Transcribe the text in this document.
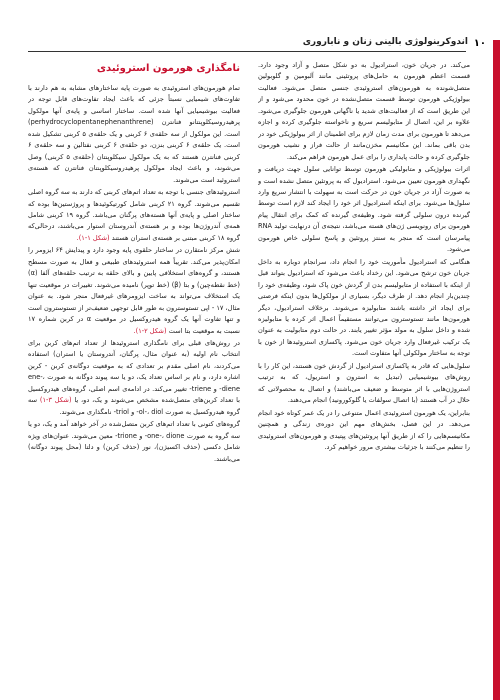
١٠
اندوکرینولوژی بالینی زنان و ناباروری

می‌کند. در جریان خون، استرادیول به دو شکل متصل و آزاد وجود دارد. قسمت اعظم هورمون به حامل‌های پروتئینی مانند آلبومین و گلوبولین متصل‌شونده به هورمون‌های استروئیدی جنسی متصل می‌شود. فعالیت بیولوژیکی هورمون توسط قسمت متصل‌نشده در خون محدود می‌شود و از این طریق است که از فعالیت‌های شدید یا ناگهانی هورمون جلوگیری می‌شود. علاوه بر این، اتصال از متابولیسم سریع و ناخواسته جلوگیری کرده و اجازه می‌دهد تا هورمون برای مدت زمان لازم برای اطمینان از اثر بیولوژیکی خود در بدن باقی بماند. این مکانیسم مخزن‌مانند از حالت فراز و نشیب هورمون جلوگیری کرده و حالت پایداری را برای عمل هورمون فراهم می‌کند.

اثرات بیولوژیکی و متابولیکی هورمون توسط توانایی سلول جهت دریافت و نگهداری هورمون تعیین می‌شود. استرادیول که به پروتئین متصل نشده است و به صورت آزاد در جریان خون در حرکت است به سهولت با انتشار سریع وارد سلول‌ها می‌شود. برای اینکه استرادیول اثر خود را ایجاد کند لازم است توسط گیرنده درون سلولی گرفته شود. وظیفه‌ی گیرنده که کمک برای انتقال پیام هورمون برای رونویسی ژن‌های هسته می‌باشد، نتیجه‌ی آن درنهایت تولید RNA پیامرسان است که منجر به سنتز پروتئین و پاسخ سلولی خاص هورمون می‌شود.

هنگامی که استرادیول مأموریت خود را انجام داد، سرانجام دوباره به داخل جریان خون ترشح می‌شود. این رخداد باعث می‌شود که استرادیول بتواند قبل از اینکه با استفاده از متابولیسم بدن از گردش خون پاک شود، وظیفه‌ی خود را چندین‌بار انجام دهد. از طرف دیگر، بسیاری از مولکول‌ها بدون اینکه فرصتی برای ایجاد اثر داشته باشند متابولیزه می‌شوند. برخلاف استرادیول، دیگر هورمون‌ها مانند تستوسترون می‌توانند مستقیماً اعمال اثر کرده یا متابولیزه شده و داخل سلول به مولد مؤثر تغییر یابند. در حالت دوم متابولیت به عنوان یک ترکیب غیرفعال وارد جریان خون می‌شود. پاکسازی استروئیدها از خون با توجه به ساختار مولکولی آنها متفاوت است.

سلول‌هایی که قادر به پاکسازی استرادیول از گردش خون هستند، این کار را با روش‌های بیوشیمیایی (تبدیل به استرون و استریول، که به ترتیب استروژن‌هایی با اثر متوسط و ضعیف می‌باشند) و اتصال به محصولاتی که حلال در آب هستند (با اتصال سولفات یا گلوکورونید) انجام می‌دهند.

بنابراین، یک هورمون استروئیدی اعمال متنوعی را در یک عمر کوتاه خود انجام می‌دهد. در این فصل، بخش‌های مهم این دوره‌ی زندگی و همچنین مکانیسم‌هایی را که از طریق آنها پروتئین‌های پپتیدی و هورمون‌های استروئیدی را تنظیم می‌کنند با جزئیات بیشتری مرور خواهیم کرد.

نامگذاری هورمون استروئیدی

تمام هورمون‌های استروئیدی به صورت پایه ساختارهای مشابه به هم دارند با تفاوت‌های شیمیایی نسبتاً جزئی که باعث ایجاد تفاوت‌های قابل توجه در فعالیت بیوشیمیایی آنها شده است. ساختار اساسی و پایه‌ی آنها مولکول پرهیدروسیکلوپنتانو فنانترن (perhydrocyclopentanephenanthrene) است. این مولکول از سه حلقه‌ی ۶ کربنی و یک حلقه‌ی ۵ کربنی تشکیل شده است. یک حلقه‌ی ۶ کربنی بنزن، دو حلقه‌ی ۶ کربنی نفتالین و سه حلقه‌ی ۶ کربنی فنانترن هستند که به یک مولکول سیکلوپنتان (حلقه‌ی ۵ کربنی) وصل می‌شوند، و باعث ایجاد مولکول پرهیدروسیکلوپنتان فنانترن که هسته‌ی استروئید است می‌شوند.

استروئیدهای جنسی با توجه به تعداد اتم‌های کربنی که دارند به سه گروه اصلی تقسیم می‌شوند. گروه ۲۱ کربنی شامل کورتیکوئیدها و پروژستین‌ها بوده که ساختار اصلی و پایه‌ی آنها هسته‌های پرگنان می‌باشد. گروه ۱۹ کربنی شامل همه‌ی آندروژن‌ها بوده و بر هسته‌ی آندروستان استوار می‌باشند، درحالی‌که گروه ۱۸ کربنی مبتنی بر هسته‌ی استران هستند (شکل ۱-۱).

شش مرکز نامتقارن در ساختار حلقوی پایه وجود دارد و پیدایش ۶۴ ایزومر را امکان‌پذیر می‌کند. تقریباً همه استروئیدهای طبیعی و فعال به صورت مسطح هستند، و گروه‌های استخلافی پایین و بالای حلقه به ترتیب حلقه‌های آلفا (α) (خط نقطه‌چین) و بتا (β) (خط توپر) نامیده می‌شوند. تغییرات در موقعیت تنها یک استخلاف می‌تواند به ساخت ایزومرهای غیرفعال منجر شود. به عنوان مثال، ۱۷ - اپی تستوسترون به طور قابل توجهی ضعیف‌تر از تستوسترون است و تنها تفاوت آنها یک گروه هیدروکسیل در موقعیت α در کربن شماره ۱۷ نسبت به موقعیت بتا است (شکل ۲-۱).

در روش‌های قبلی برای نامگذاری استروئیدها از تعداد اتم‌های کربن برای انتخاب نام اولیه (به عنوان مثال، پرگنان، آندروستان یا استران) استفاده می‌کردند، نام اصلی مقدم بر تعدادی که به موقعیت دوگانه‌ی کربن - کربن اشاره دارد، و نام بر اساس تعداد یک، دو یا سه پیوند دوگانه به صورت ene-، diene- و triene- تغییر می‌کند. در ادامه‌ی اسم اصلی، گروه‌های هیدروکسیل با تعداد کربن‌های متصل‌شده مشخص می‌شوند و یک، دو، یا (شکل ۳-۱) سه گروه هیدروکسیل به صورت ol-، diol- و triol- نامگذاری می‌شوند.

گروه‌های کتونی با تعداد اتم‌های کربن متصل‌شده در آخر خواهد آمد و یک، دو یا سه گروه به صورت one-، dione- و trione- معین می‌شوند. عنوان‌های ویژه شامل دکسی (حذف اکسیژن)، نور (حذف کربن) و دلتا (محل پیوند دوگانه) می‌باشند.
